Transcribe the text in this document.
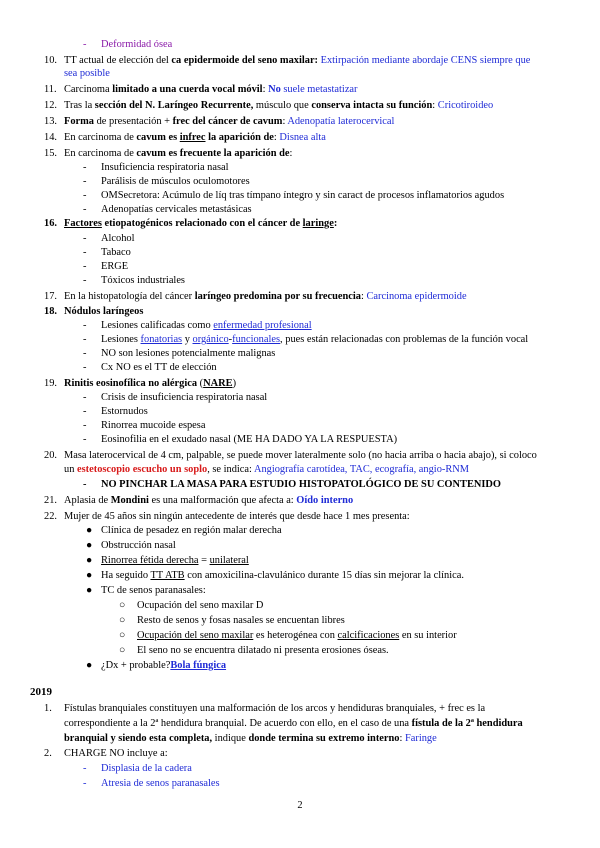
- Deformidad ósea
10. TT actual de elección del ca epidermoide del seno maxilar: Extirpación mediante abordaje CENS siempre que
sea posible
11. Carcinoma limitado a una cuerda vocal móvil: No suele metastatizar
12. Tras la sección del N. Laríngeo Recurrente, músculo que conserva intacta su función: Cricotiroideo
13. Forma de presentación + frec del cáncer de cavum: Adenopatía laterocervical
14. En carcinoma de cavum es infrec la aparición de: Disnea alta
15. En carcinoma de cavum es frecuente la aparición de:
- Insuficiencia respiratoria nasal
- Parálisis de músculos oculomotores
- OMSecretora: Acúmulo de líq tras tímpano íntegro y sin caract de procesos inflamatorios agudos
- Adenopatías cervicales metastásicas
16. Factores etiopatogénicos relacionado con el cáncer de laringe:
- Alcohol
- Tabaco
- ERGE
- Tóxicos industriales
17. En la histopatología del cáncer laríngeo predomina por su frecuencia: Carcinoma epidermoide
18. Nódulos laríngeos
- Lesiones calificadas como enfermedad profesional
- Lesiones fonatorias y orgánico-funcionales, pues están relacionadas con problemas de la función vocal
- NO son lesiones potencialmente malignas
- Cx NO es el TT de elección
19. Rinitis eosinofílica no alérgica (NARE)
- Crisis de insuficiencia respiratoria nasal
- Estornudos
- Rinorrea mucoide espesa
- Eosinofilia en el exudado nasal (ME HA DADO YA LA RESPUESTA)
20. Masa laterocervical de 4 cm, palpable, se puede mover lateralmente solo (no hacia arriba o hacia abajo), si coloco
un estetoscopio escucho un soplo, se indica: Angiografía carotídea, TAC, ecografía, angio-RNM
- NO PINCHAR LA MASA PARA ESTUDIO HISTOPATOLÓGICO DE SU CONTENIDO
21. Aplasia de Mondini es una malformación que afecta a: Oído interno
22. Mujer de 45 años sin ningún antecedente de interés que desde hace 1 mes presenta:
● Clínica de pesadez en región malar derecha
● Obstrucción nasal
● Rinorrea fétida derecha = unilateral
● Ha seguido TT ATB con amoxicilina-clavulánico durante 15 días sin mejorar la clínica.
● TC de senos paranasales:
○ Ocupación del seno maxilar D
○ Resto de senos y fosas nasales se encuentan libres
○ Ocupación del seno maxilar es heterogénea con calcificaciones en su interior
○ El seno no se encuentra dilatado ni presenta erosiones óseas.
● ¿Dx + probable?Bola fúngica
2019
1.	Fístulas branquiales constituyen una malformación de los arcos y hendiduras branquiales, + frec es la
correspondiente a la 2ª hendidura branquial. De acuerdo con ello, en el caso de una fístula de la 2ª hendidura
branquial y siendo esta completa, indique donde termina su extremo interno: Faringe
2.	CHARGE NO incluye a:
- Displasia de la cadera
- Atresia de senos paranasales
2
